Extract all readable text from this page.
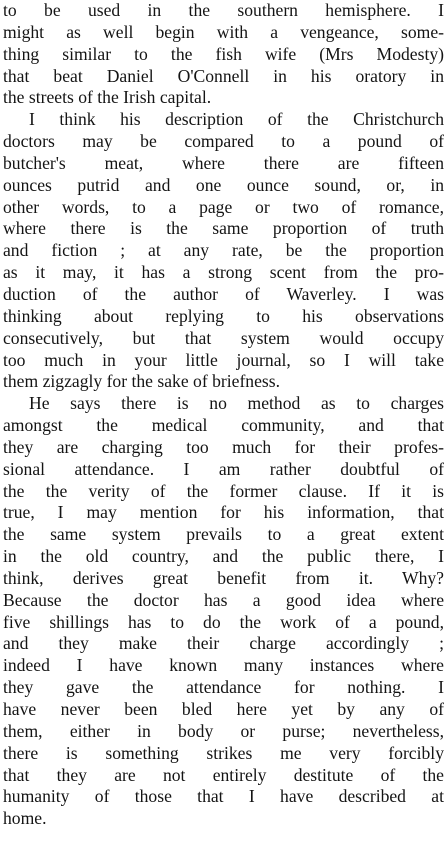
to be used in the southern hemisphere. I
might as well begin with a vengeance, some-
thing similar to the fish wife (Mrs Modesty)
that beat Daniel O'Connell in his oratory in
the streets of the Irish capital.
I think his description of the Christchurch
doctors may be compared to a pound of
butcher's meat, where there are fifteen
ounces putrid and one ounce sound, or, in
other words, to a page or two of romance,
where there is the same proportion of truth
and fiction ; at any rate, be the proportion
as it may, it has a strong scent from the pro-
duction of the author of Waverley. I was
thinking about replying to his observations
consecutively, but that system would occupy
too much in your little journal, so I will take
them zigzagly for the sake of briefness.
He says there is no method as to charges
amongst the medical community, and that
they are charging too much for their profes-
sional attendance. I am rather doubtful of
the the verity of the former clause. If it is
true, I may mention for his information, that
the same system prevails to a great extent
in the old country, and the public there, I
think, derives great benefit from it. Why?
Because the doctor has a good idea where
five shillings has to do the work of a pound,
and they make their charge accordingly ;
indeed I have known many instances where
they gave the attendance for nothing. I
have never been bled here yet by any of
them, either in body or purse; nevertheless,
there is something strikes me very forcibly
that they are not entirely destitute of the
humanity of those that I have described at
home.
